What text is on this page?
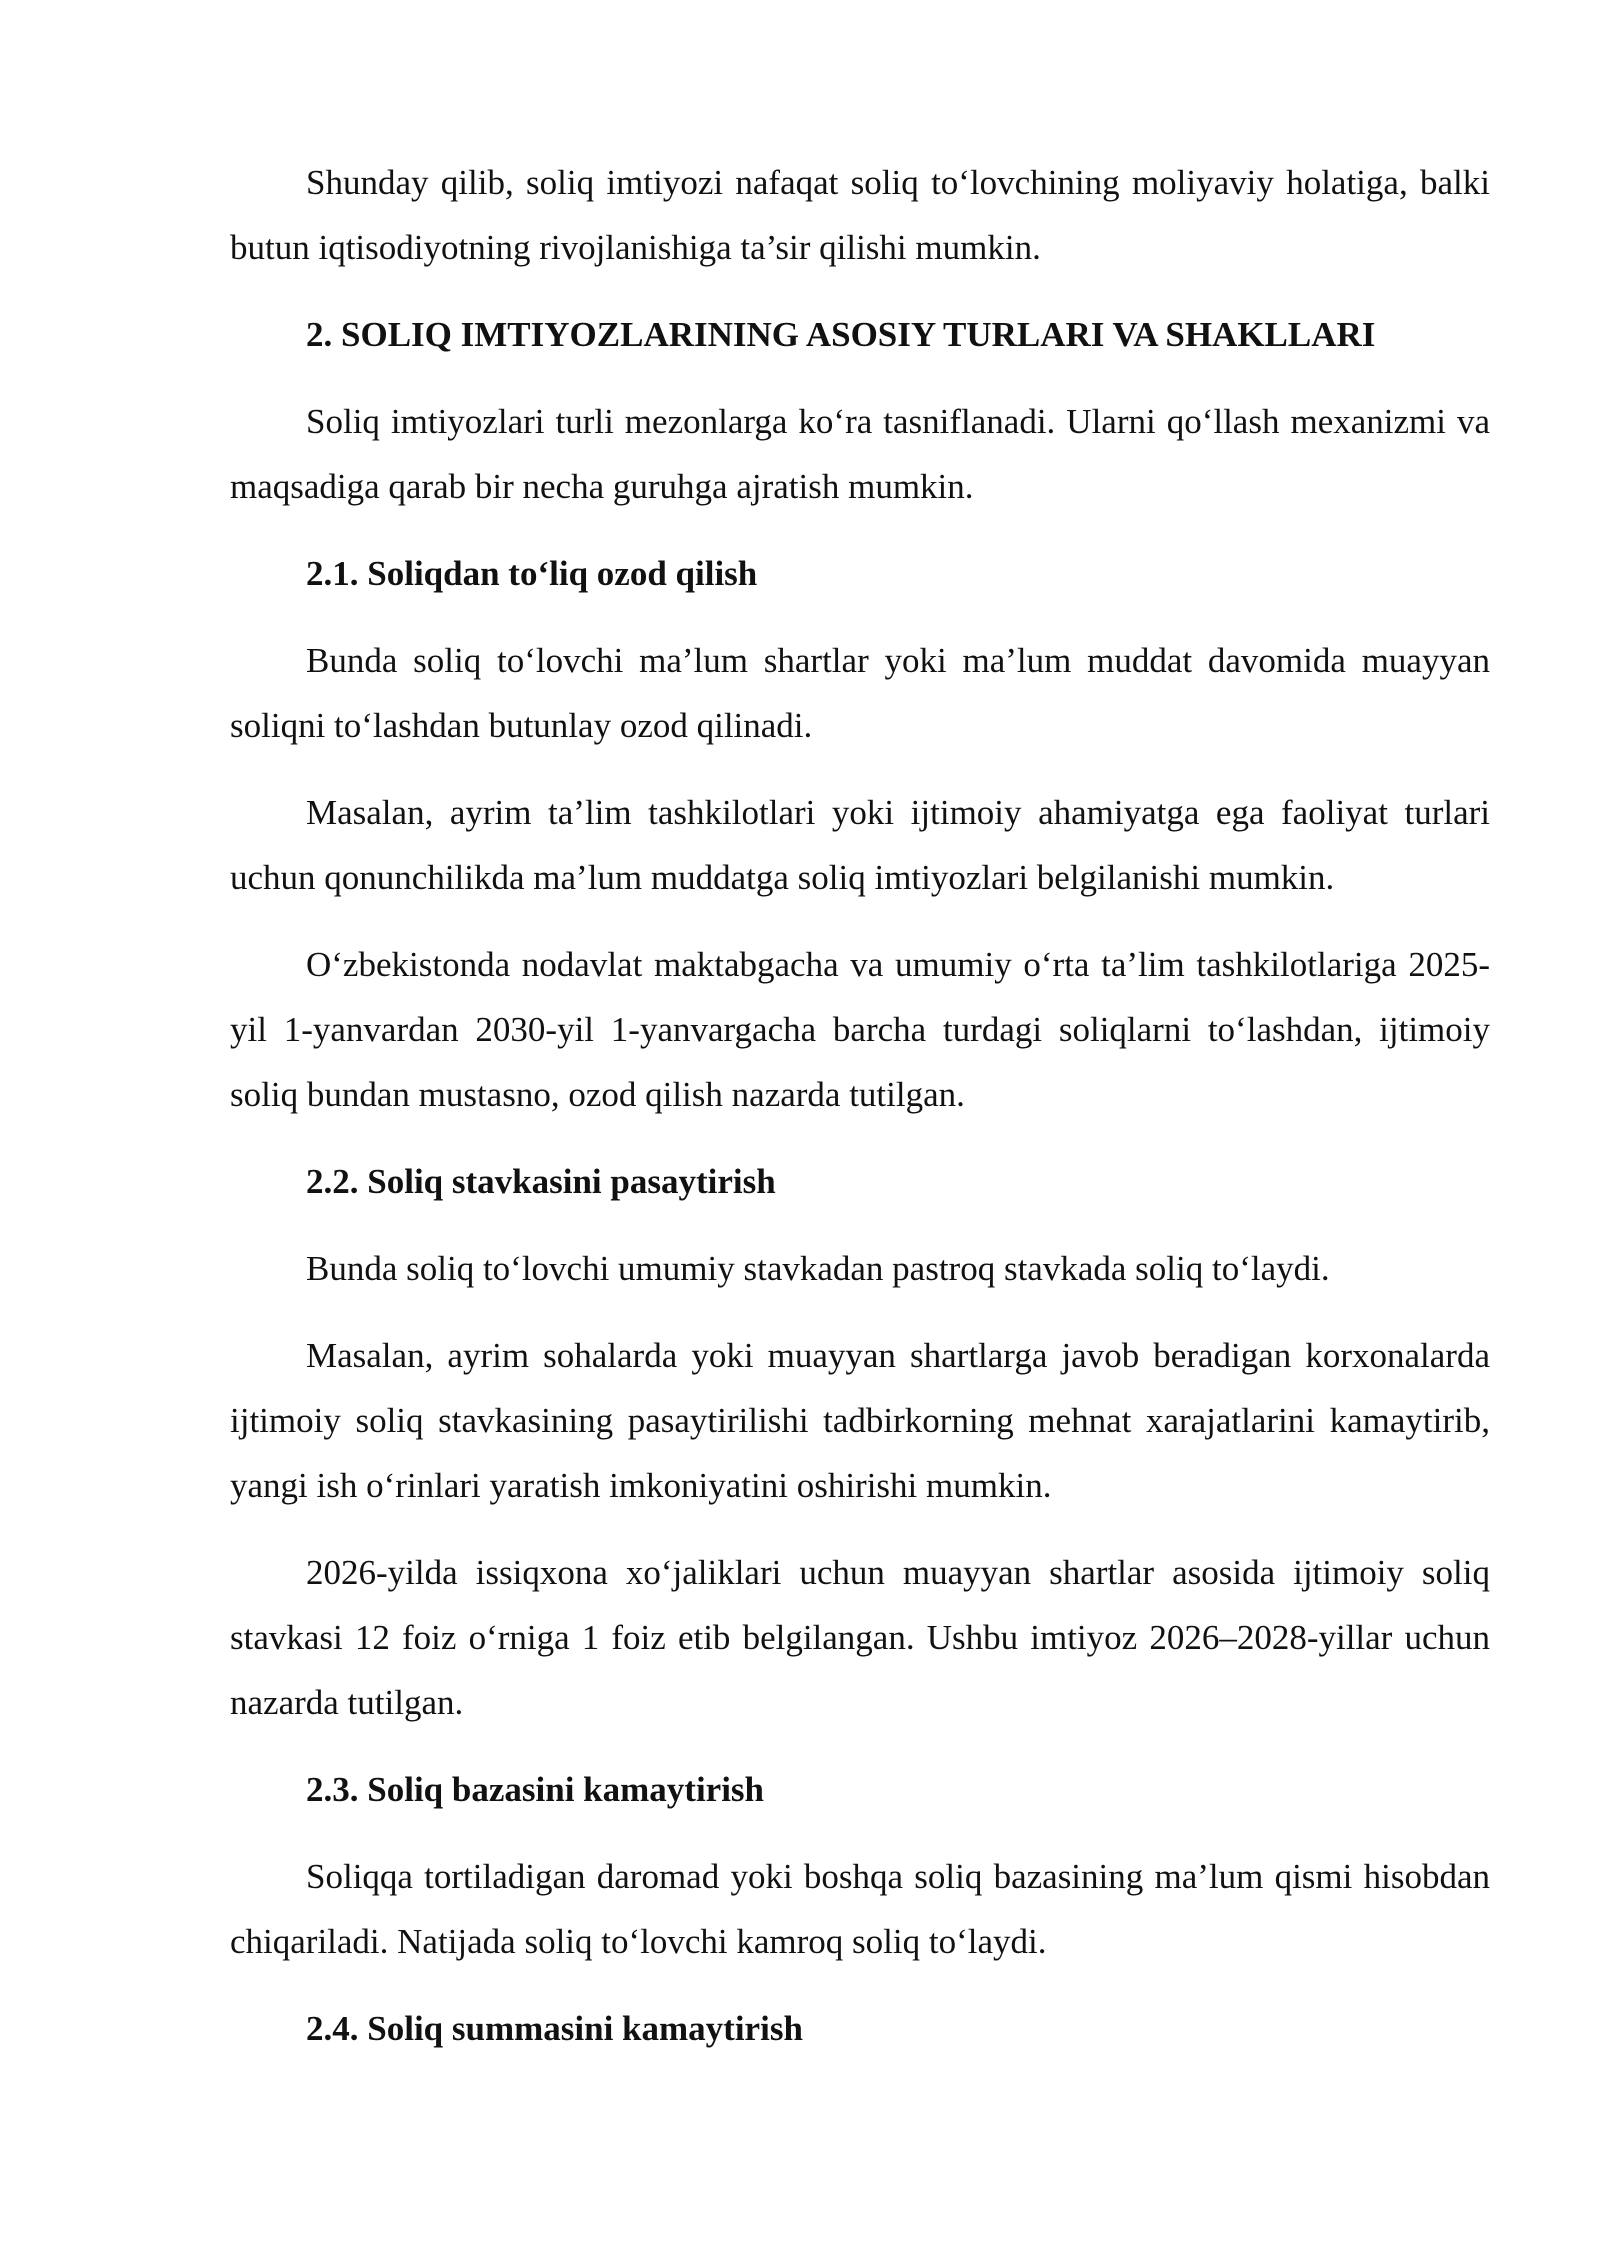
Shunday qilib, soliq imtiyozi nafaqat soliq to‘lovchining moliyaviy holatiga, balki butun iqtisodiyotning rivojlanishiga ta’sir qilishi mumkin.

2. SOLIQ IMTIYOZLARINING ASOSIY TURLARI VA SHAKLLARI

Soliq imtiyozlari turli mezonlarga ko‘ra tasniflanadi. Ularni qo‘llash mexanizmi va maqsadiga qarab bir necha guruhga ajratish mumkin.

2.1. Soliqdan to‘liq ozod qilish

Bunda soliq to‘lovchi ma’lum shartlar yoki ma’lum muddat davomida muayyan soliqni to‘lashdan butunlay ozod qilinadi.

Masalan, ayrim ta’lim tashkilotlari yoki ijtimoiy ahamiyatga ega faoliyat turlari uchun qonunchilikda ma’lum muddatga soliq imtiyozlari belgilanishi mumkin.

O‘zbekistonda nodavlat maktabgacha va umumiy o‘rta ta’lim tashkilotlariga 2025-yil 1-yanvardan 2030-yil 1-yanvargacha barcha turdagi soliqlarni to‘lashdan, ijtimoiy soliq bundan mustasno, ozod qilish nazarda tutilgan.

2.2. Soliq stavkasini pasaytirish

Bunda soliq to‘lovchi umumiy stavkadan pastroq stavkada soliq to‘laydi.

Masalan, ayrim sohalarda yoki muayyan shartlarga javob beradigan korxonalarda ijtimoiy soliq stavkasining pasaytirilishi tadbirkorning mehnat xarajatlarini kamaytirib, yangi ish o‘rinlari yaratish imkoniyatini oshirishi mumkin.

2026-yilda issiqxona xo‘jaliklari uchun muayyan shartlar asosida ijtimoiy soliq stavkasi 12 foiz o‘rniga 1 foiz etib belgilangan. Ushbu imtiyoz 2026–2028-yillar uchun nazarda tutilgan.

2.3. Soliq bazasini kamaytirish

Soliqqa tortiladigan daromad yoki boshqa soliq bazasining ma’lum qismi hisobdan chiqariladi. Natijada soliq to‘lovchi kamroq soliq to‘laydi.

2.4. Soliq summasini kamaytirish
